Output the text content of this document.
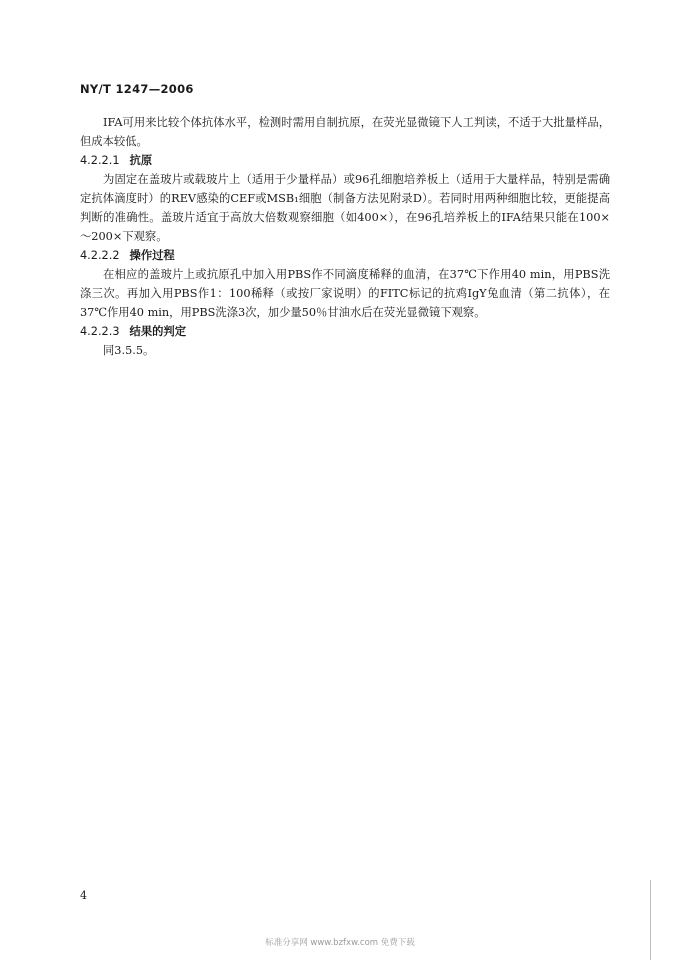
NY/T 1247—2006

IFA可用来比较个体抗体水平，检测时需用自制抗原，在荧光显微镜下人工判读，不适于大批量样品，但成本较低。

4.2.2.1 抗原

为固定在盖玻片或载玻片上（适用于少量样品）或96孔细胞培养板上（适用于大量样品，特别是需确定抗体滴度时）的REV感染的CEF或MSB₁细胞（制备方法见附录D）。若同时用两种细胞比较，更能提高判断的准确性。盖玻片适宜于高放大倍数观察细胞（如400×），在96孔培养板上的IFA结果只能在100×～200×下观察。

4.2.2.2 操作过程

在相应的盖玻片上或抗原孔中加入用PBS作不同滴度稀释的血清，在37℃下作用40 min，用PBS洗涤三次。再加入用PBS作1：100稀释（或按厂家说明）的FITC标记的抗鸡IgY兔血清（第二抗体），在37℃作用40 min，用PBS洗涤3次，加少量50％甘油水后在荧光显微镜下观察。

4.2.2.3 结果的判定

同3.5.5。

4
标准分享网 www.bzfxw.com 免费下载
